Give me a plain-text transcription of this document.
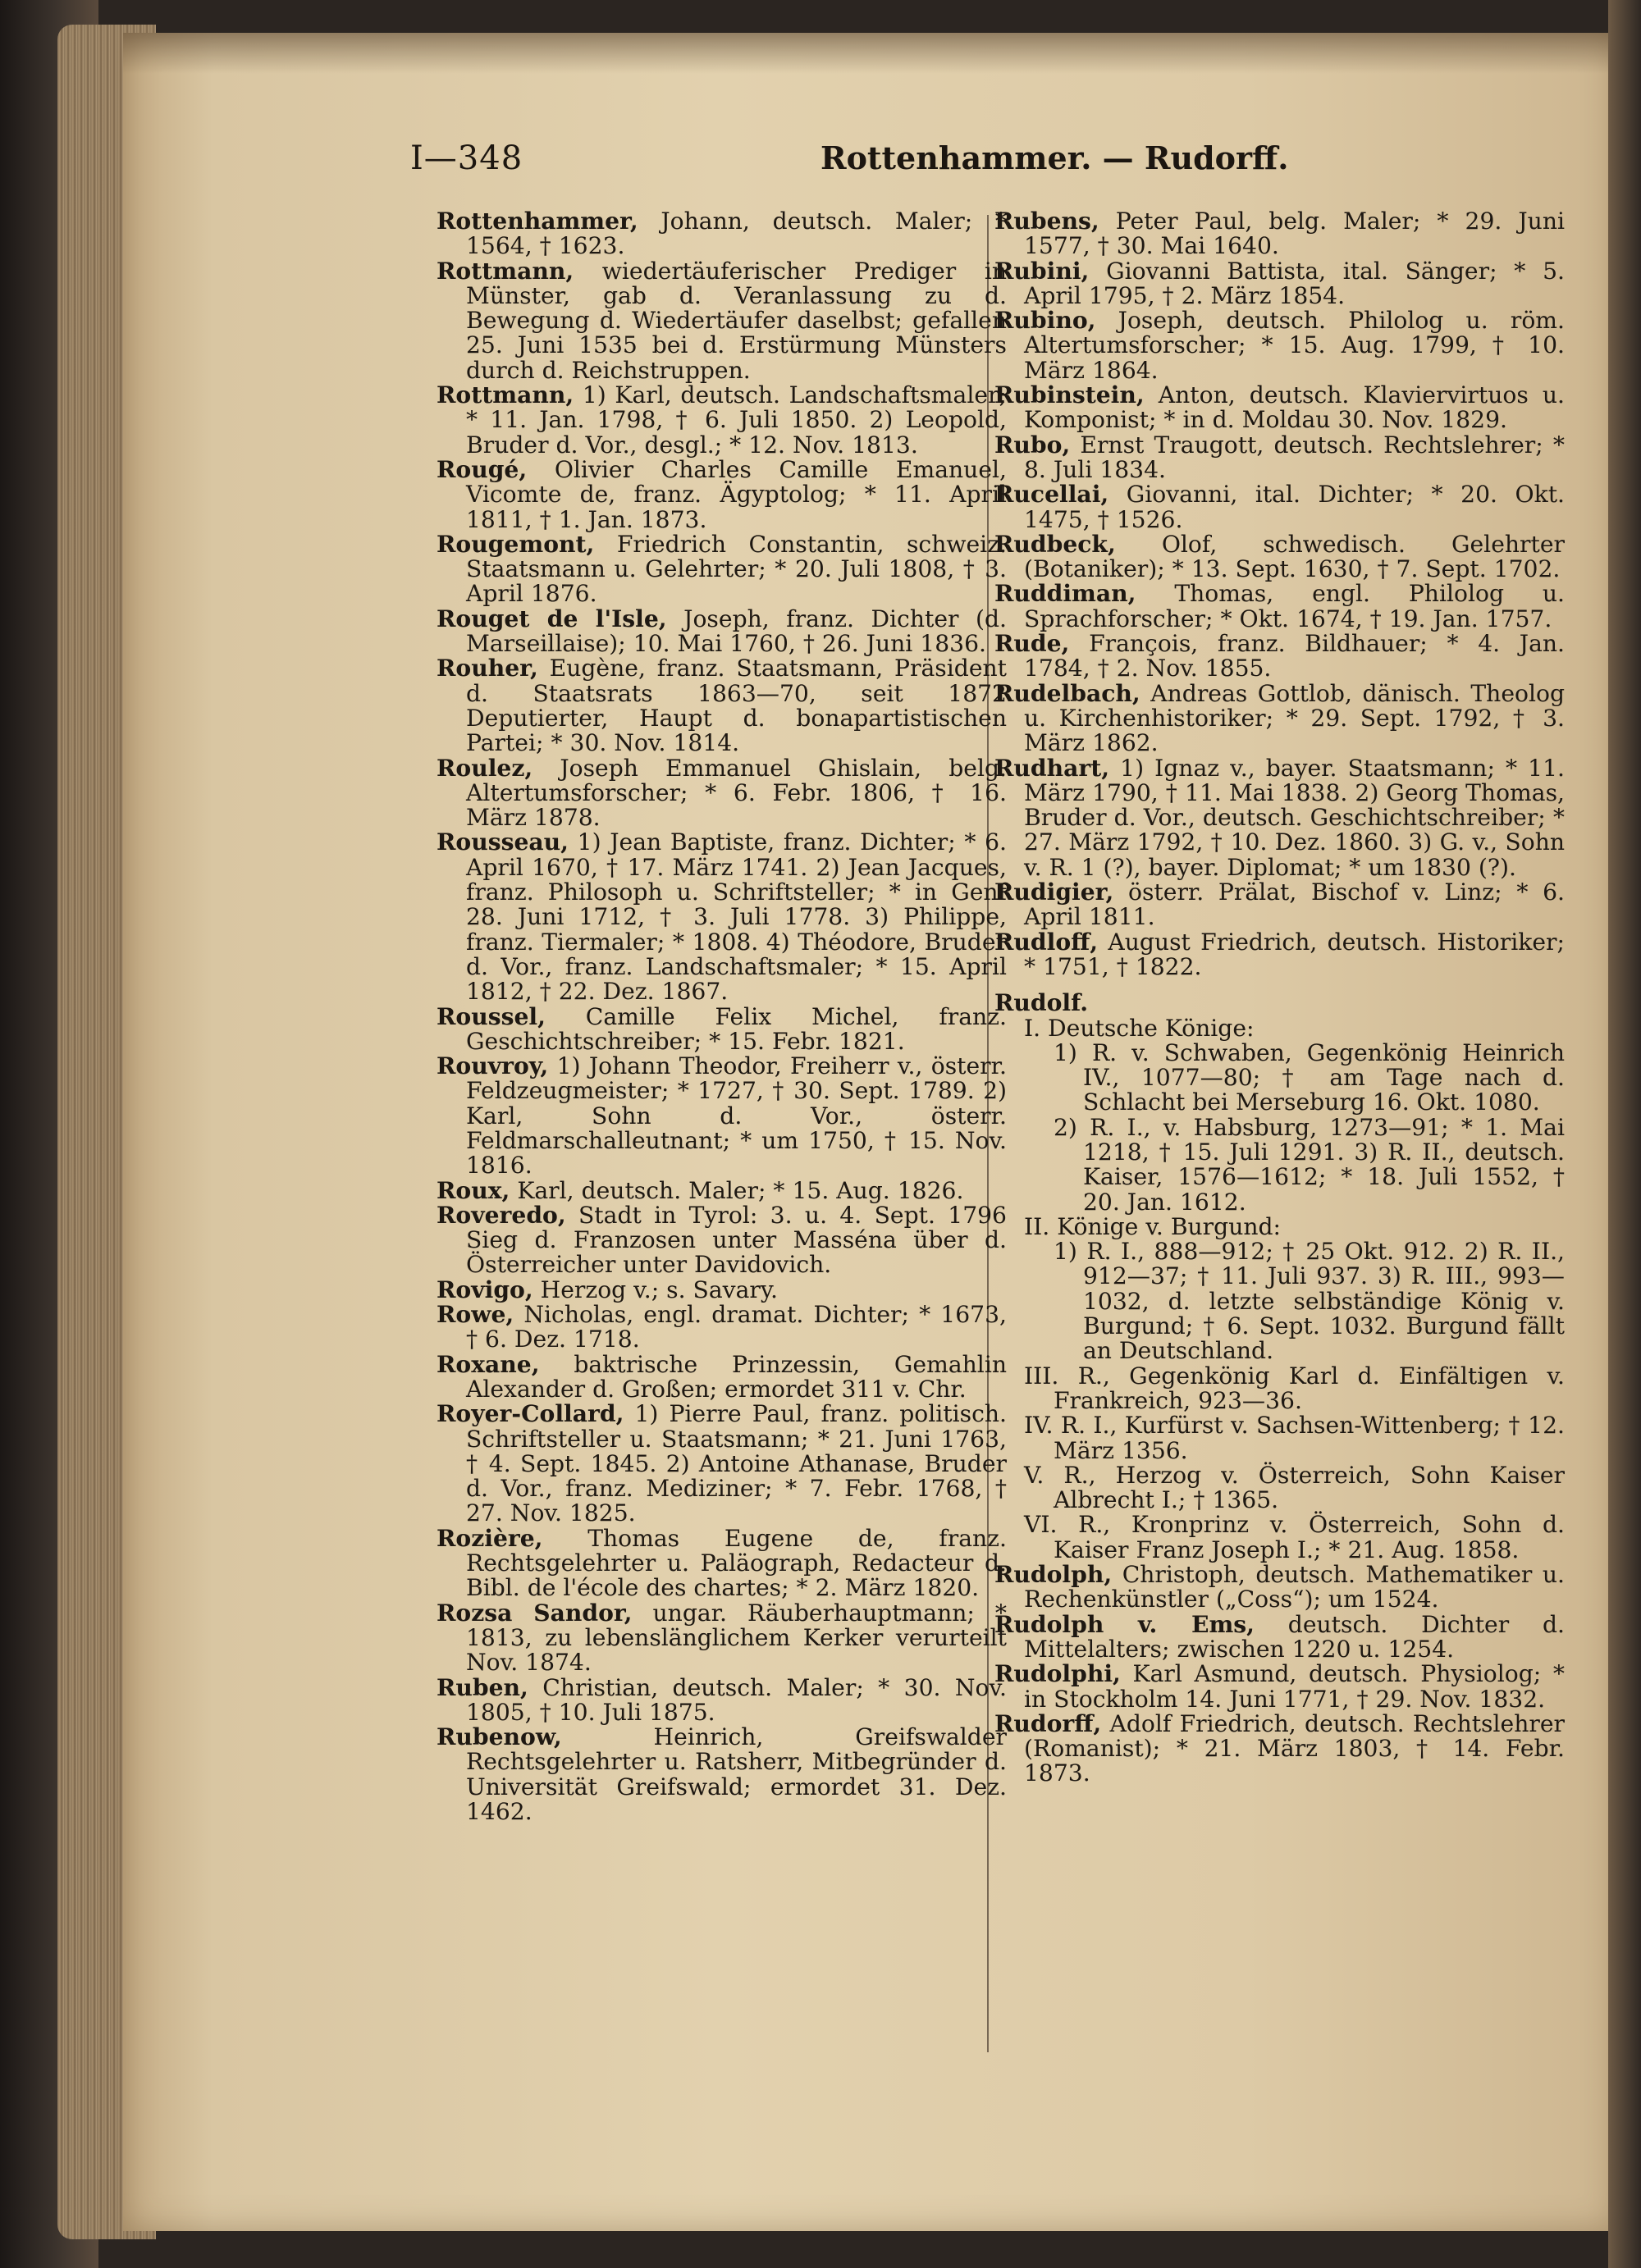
I—348	Rottenhammer. — Rudorff.

Rottenhammer, Johann, deutsch. Maler; * 1564, † 1623.

Rottmann, wiedertäuferischer Prediger in Münster, gab d. Veranlassung zu d. Bewegung d. Wiedertäufer daselbst; gefallen 25. Juni 1535 bei d. Erstürmung Münsters durch d. Reichstruppen.

Rottmann, 1) Karl, deutsch. Landschaftsmaler; * 11. Jan. 1798, † 6. Juli 1850. 2) Leopold, Bruder d. Vor., desgl.; * 12. Nov. 1813.

Rougé, Olivier Charles Camille Emanuel, Vicomte de, franz. Ägyptolog; * 11. April 1811, † 1. Jan. 1873.

Rougemont, Friedrich Constantin, schweiz. Staatsmann u. Gelehrter; * 20. Juli 1808, † 3. April 1876.

Rouget de l'Isle, Joseph, franz. Dichter (d. Marseillaise); 10. Mai 1760, † 26. Juni 1836.

Rouher, Eugène, franz. Staatsmann, Präsident d. Staatsrats 1863—70, seit 1872 Deputierter, Haupt d. bonapartistischen Partei; * 30. Nov. 1814.

Roulez, Joseph Emmanuel Ghislain, belg. Altertumsforscher; * 6. Febr. 1806, † 16. März 1878.

Rousseau, 1) Jean Baptiste, franz. Dichter; * 6. April 1670, † 17. März 1741. 2) Jean Jacques, franz. Philosoph u. Schriftsteller; * in Genf 28. Juni 1712, † 3. Juli 1778. 3) Philippe, franz. Tiermaler; * 1808. 4) Théodore, Bruder d. Vor., franz. Landschaftsmaler; * 15. April 1812, † 22. Dez. 1867.

Roussel, Camille Felix Michel, franz. Geschichtschreiber; * 15. Febr. 1821.

Rouvroy, 1) Johann Theodor, Freiherr v., österr. Feldzeugmeister; * 1727, † 30. Sept. 1789. 2) Karl, Sohn d. Vor., österr. Feldmarschalleutnant; * um 1750, † 15. Nov. 1816.

Roux, Karl, deutsch. Maler; * 15. Aug. 1826.

Roveredo, Stadt in Tyrol: 3. u. 4. Sept. 1796 Sieg d. Franzosen unter Masséna über d. Österreicher unter Davidovich.

Rovigo, Herzog v.; s. Savary.

Rowe, Nicholas, engl. dramat. Dichter; * 1673, † 6. Dez. 1718.

Roxane, baktrische Prinzessin, Gemahlin Alexander d. Großen; ermordet 311 v. Chr.

Royer-Collard, 1) Pierre Paul, franz. politisch. Schriftsteller u. Staatsmann; * 21. Juni 1763, † 4. Sept. 1845. 2) Antoine Athanase, Bruder d. Vor., franz. Mediziner; * 7. Febr. 1768, † 27. Nov. 1825.

Rozière, Thomas Eugene de, franz. Rechtsgelehrter u. Paläograph, Redacteur d. Bibl. de l'école des chartes; * 2. März 1820.

Rozsa Sandor, ungar. Räuberhauptmann; * 1813, zu lebenslänglichem Kerker verurteilt Nov. 1874.

Ruben, Christian, deutsch. Maler; * 30. Nov. 1805, † 10. Juli 1875.

Rubenow,	Heinrich, Greifswalder Rechtsgelehrter u. Ratsherr, Mitbegründer d. Universität Greifswald; ermordet 31. Dez. 1462.

Rubens, Peter Paul, belg. Maler; * 29. Juni 1577, † 30. Mai 1640.

Rubini, Giovanni Battista, ital. Sänger; * 5. April 1795, † 2. März 1854.

Rubino, Joseph, deutsch. Philolog u. röm. Altertumsforscher; * 15. Aug. 1799, † 10. März 1864.

Rubinstein, Anton, deutsch. Klaviervirtuos u. Komponist; * in d. Moldau 30. Nov. 1829.

Rubo, Ernst Traugott, deutsch. Rechtslehrer; * 8. Juli 1834.

Rucellai, Giovanni, ital. Dichter; * 20. Okt. 1475, † 1526.

Rudbeck, Olof, schwedisch. Gelehrter (Botaniker); * 13. Sept. 1630, † 7. Sept. 1702.

Ruddiman, Thomas, engl. Philolog u. Sprachforscher; * Okt. 1674, † 19. Jan. 1757.

Rude, François, franz. Bildhauer; * 4. Jan. 1784, † 2. Nov. 1855.

Rudelbach, Andreas Gottlob, dänisch. Theolog u. Kirchenhistoriker; * 29. Sept. 1792, † 3. März 1862.

Rudhart, 1) Ignaz v., bayer. Staatsmann; * 11. März 1790, † 11. Mai 1838. 2) Georg Thomas, Bruder d. Vor., deutsch. Geschichtschreiber; * 27. März 1792, † 10. Dez. 1860. 3) G. v., Sohn v. R. 1 (?), bayer. Diplomat; * um 1830 (?).

Rudigier, österr. Prälat, Bischof v. Linz; * 6. April 1811.

Rudloff, August Friedrich, deutsch. Historiker; * 1751, † 1822.

Rudolf.

I. Deutsche Könige:

1) R. v. Schwaben, Gegenkönig Heinrich IV., 1077—80; † am Tage nach d. Schlacht bei Merseburg 16. Okt. 1080.

2) R. I., v. Habsburg, 1273—91; * 1. Mai 1218, † 15. Juli 1291. 3) R. II., deutsch. Kaiser, 1576—1612; * 18. Juli 1552, † 20. Jan. 1612.

II. Könige v. Burgund:

1) R. I., 888—912; † 25 Okt. 912. 2) R. II., 912—37; † 11. Juli 937. 3) R. III., 993—1032, d. letzte selbständige König v. Burgund; † 6. Sept. 1032. Burgund fällt an Deutschland.

III. R., Gegenkönig Karl d. Einfältigen v. Frankreich, 923—36.

IV. R. I., Kurfürst v. Sachsen-Wittenberg; † 12. März 1356.

V. R., Herzog v. Österreich, Sohn Kaiser Albrecht I.; † 1365.

VI. R., Kronprinz v. Österreich, Sohn d. Kaiser Franz Joseph I.; * 21. Aug. 1858.

Rudolph, Christoph, deutsch. Mathematiker u. Rechenkünstler („Coss“); um 1524.

Rudolph v. Ems, deutsch. Dichter d. Mittelalters; zwischen 1220 u. 1254.

Rudolphi, Karl Asmund, deutsch. Physiolog; * in Stockholm 14. Juni 1771, † 29. Nov. 1832.

Rudorff, Adolf Friedrich, deutsch. Rechtslehrer (Romanist); * 21. März 1803, † 14. Febr. 1873.
